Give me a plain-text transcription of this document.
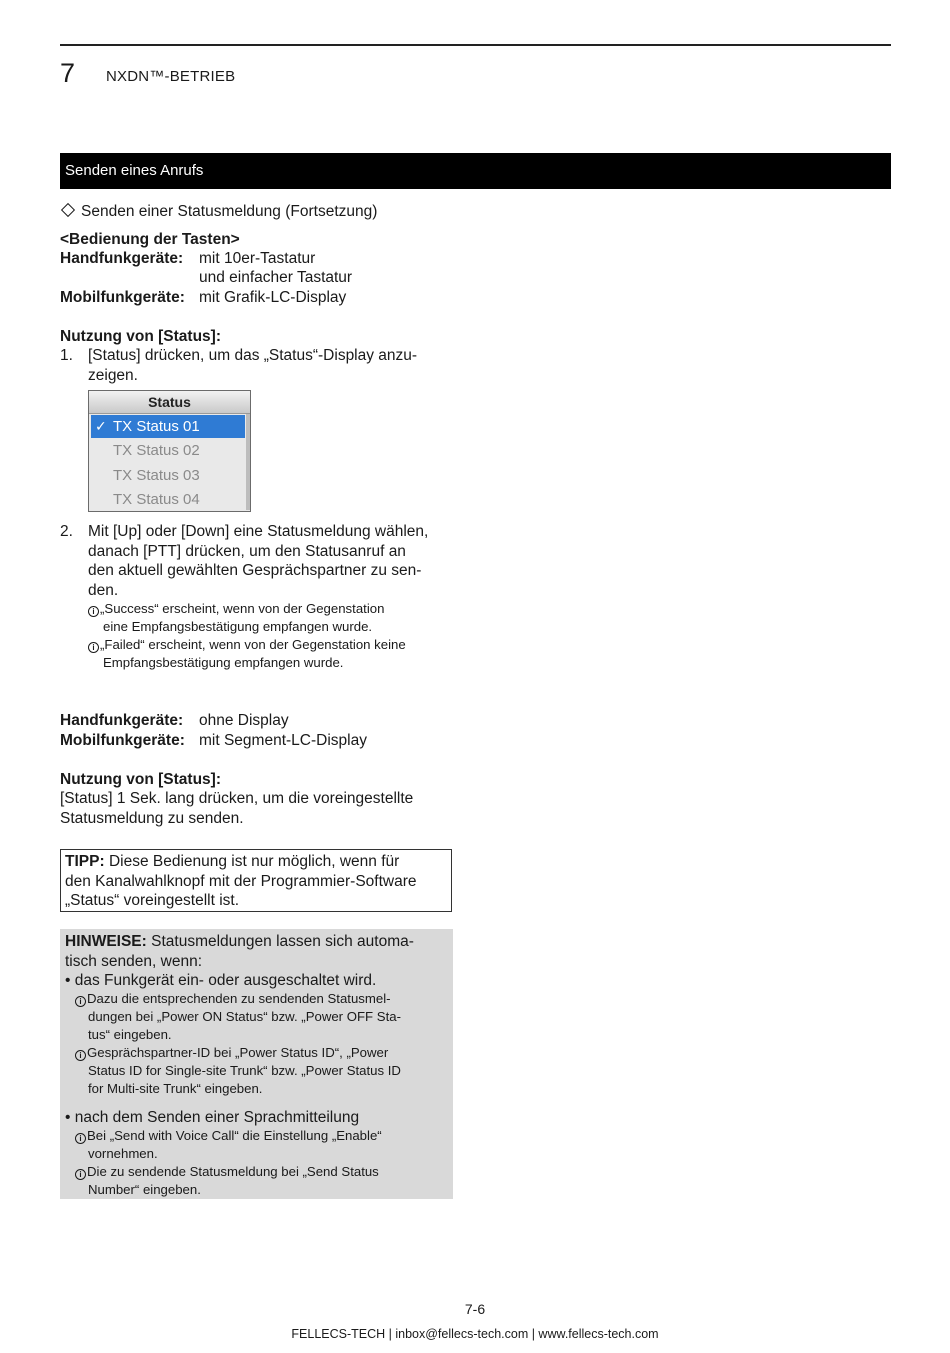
7 NXDN™-BETRIEB
Senden eines Anrufs
Senden einer Statusmeldung (Fortsetzung)
<Bedienung der Tasten>
Handfunkgeräte: mit 10er-Tastatur
und einfacher Tastatur
Mobilfunkgeräte: mit Grafik-LC-Display
Nutzung von [Status]:
1. [Status] drücken, um das „Status“-Display anzu-
zeigen.
Status
✓ TX Status 01
TX Status 02
TX Status 03
TX Status 04
2. Mit [Up] oder [Down] eine Statusmeldung wählen,
danach [PTT] drücken, um den Statusanruf an
den aktuell gewählten Gesprächspartner zu sen-
den.
i „Success“ erscheint, wenn von der Gegenstation
eine Empfangsbestätigung empfangen wurde.
i „Failed“ erscheint, wenn von der Gegenstation keine
Empfangsbestätigung empfangen wurde.
Handfunkgeräte: ohne Display
Mobilfunkgeräte: mit Segment-LC-Display
Nutzung von [Status]:
[Status] 1 Sek. lang drücken, um die voreingestellte
Statusmeldung zu senden.
TIPP: Diese Bedienung ist nur möglich, wenn für
den Kanalwahlknopf mit der Programmier-Software
„Status“ voreingestellt ist.
HINWEISE: Statusmeldungen lassen sich automa-
tisch senden, wenn:
• das Funkgerät ein- oder ausgeschaltet wird.
i Dazu die entsprechenden zu sendenden Statusmel-
dungen bei „Power ON Status“ bzw. „Power OFF Sta-
tus“ eingeben.
i Gesprächspartner-ID bei „Power Status ID“, „Power
Status ID for Single-site Trunk“ bzw. „Power Status ID
for Multi-site Trunk“ eingeben.
• nach dem Senden einer Sprachmitteilung
i Bei „Send with Voice Call“ die Einstellung „Enable“
vornehmen.
i Die zu sendende Statusmeldung bei „Send Status
Number“ eingeben.
7-6
FELLECS-TECH | inbox@fellecs-tech.com | www.fellecs-tech.com
